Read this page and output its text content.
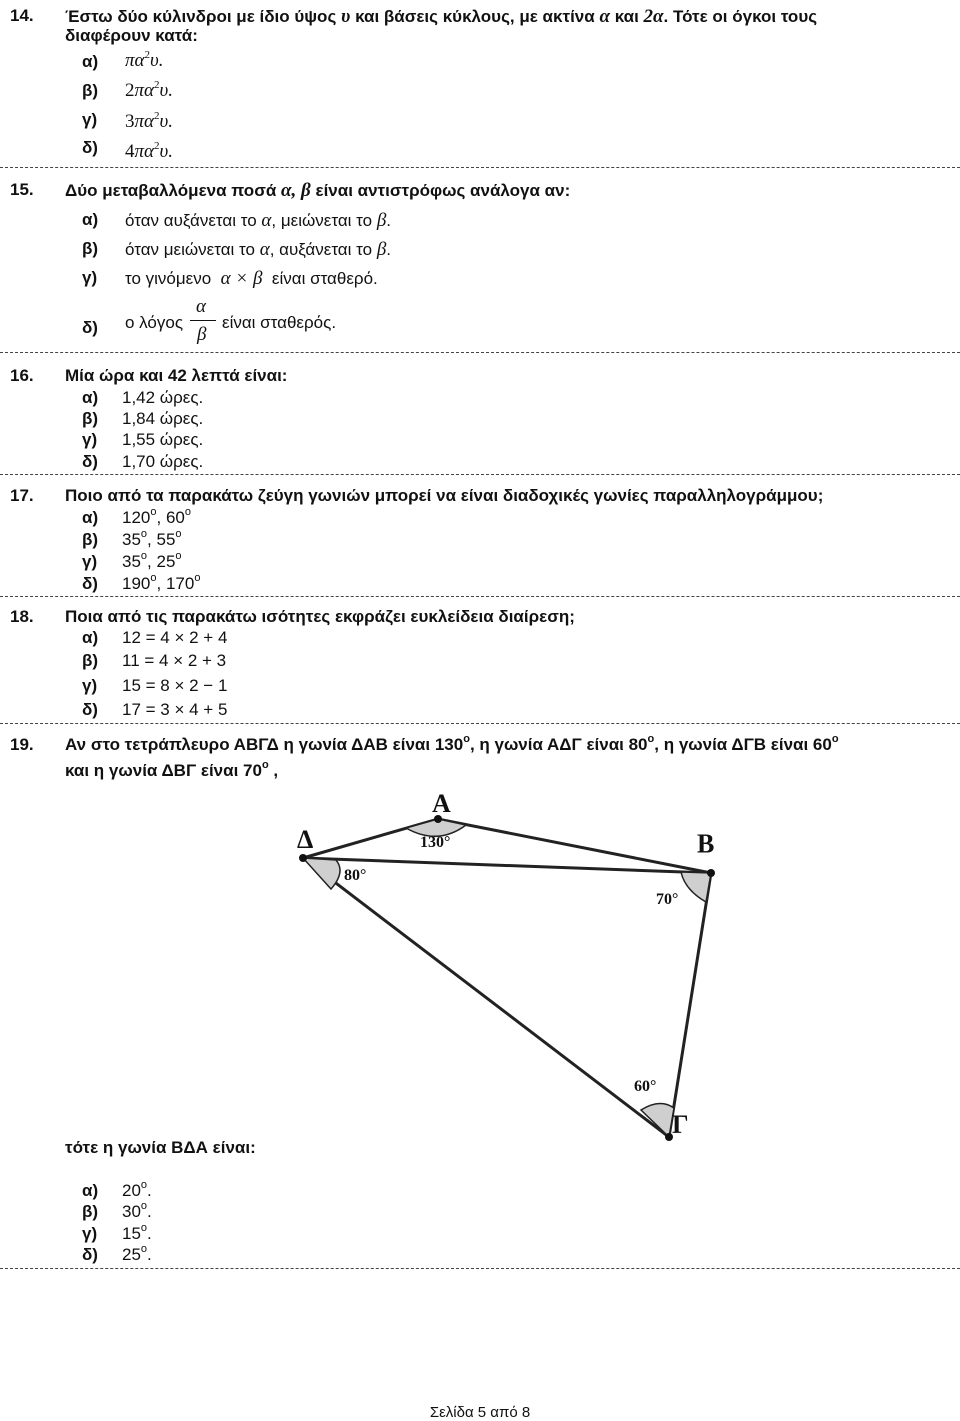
14. Έστω δύο κύλινδροι με ίδιο ύψος υ και βάσεις κύκλους, με ακτίνα α και 2α. Τότε οι όγκοι τους
διαφέρουν κατά:
α) $\pi\alpha^2\upsilon$.
β) $2\pi\alpha^2\upsilon$.
γ) $3\pi\alpha^2\upsilon$.
δ) $4\pi\alpha^2\upsilon$.
15. Δύο μεταβαλλόμενα ποσά α, β είναι αντιστρόφως ανάλογα αν:
α) όταν αυξάνεται το α, μειώνεται το β.
β) όταν μειώνεται το α, αυξάνεται το β.
γ) το γινόμενο α × β είναι σταθερό.
δ) ο λόγος
α
β
είναι σταθερός.
16. Μία ώρα και 42 λεπτά είναι:
α) 1,42 ώρες.
β) 1,84 ώρες.
γ) 1,55 ώρες.
δ) 1,70 ώρες.
17. Ποιο από τα παρακάτω ζεύγη γωνιών μπορεί να είναι διαδοχικές γωνίες παραλληλογράμμου;
α) $120^o$, $60^o$
β) $35^o$, $55^o$
γ) $35^o$, $25^o$
δ) $190^o$, $170^o$
18. Ποια από τις παρακάτω ισότητες εκφράζει ευκλείδεια διαίρεση;
α) 12 = 4 × 2 + 4
β) 11 = 4 × 2 + 3
γ) 15 = 8 × 2 − 1
δ) 17 = 3 × 4 + 5
19. Αν στο τετράπλευρο ΑΒΓΔ η γωνία ΔΑΒ είναι $130^o$, η γωνία ΑΔΓ είναι $80^o$, η γωνία ΔΓΒ είναι $60^o$
και η γωνία ΔΒΓ είναι $70^o$ ,
Α
Β
Γ
Δ	130°
80°
70°
60°
τότε η γωνία ΒΔΑ είναι:
α) $20^o$.
β) $30^o$.
γ) $15^o$.
δ) $25^o$.
Σελίδα 5 από 8
